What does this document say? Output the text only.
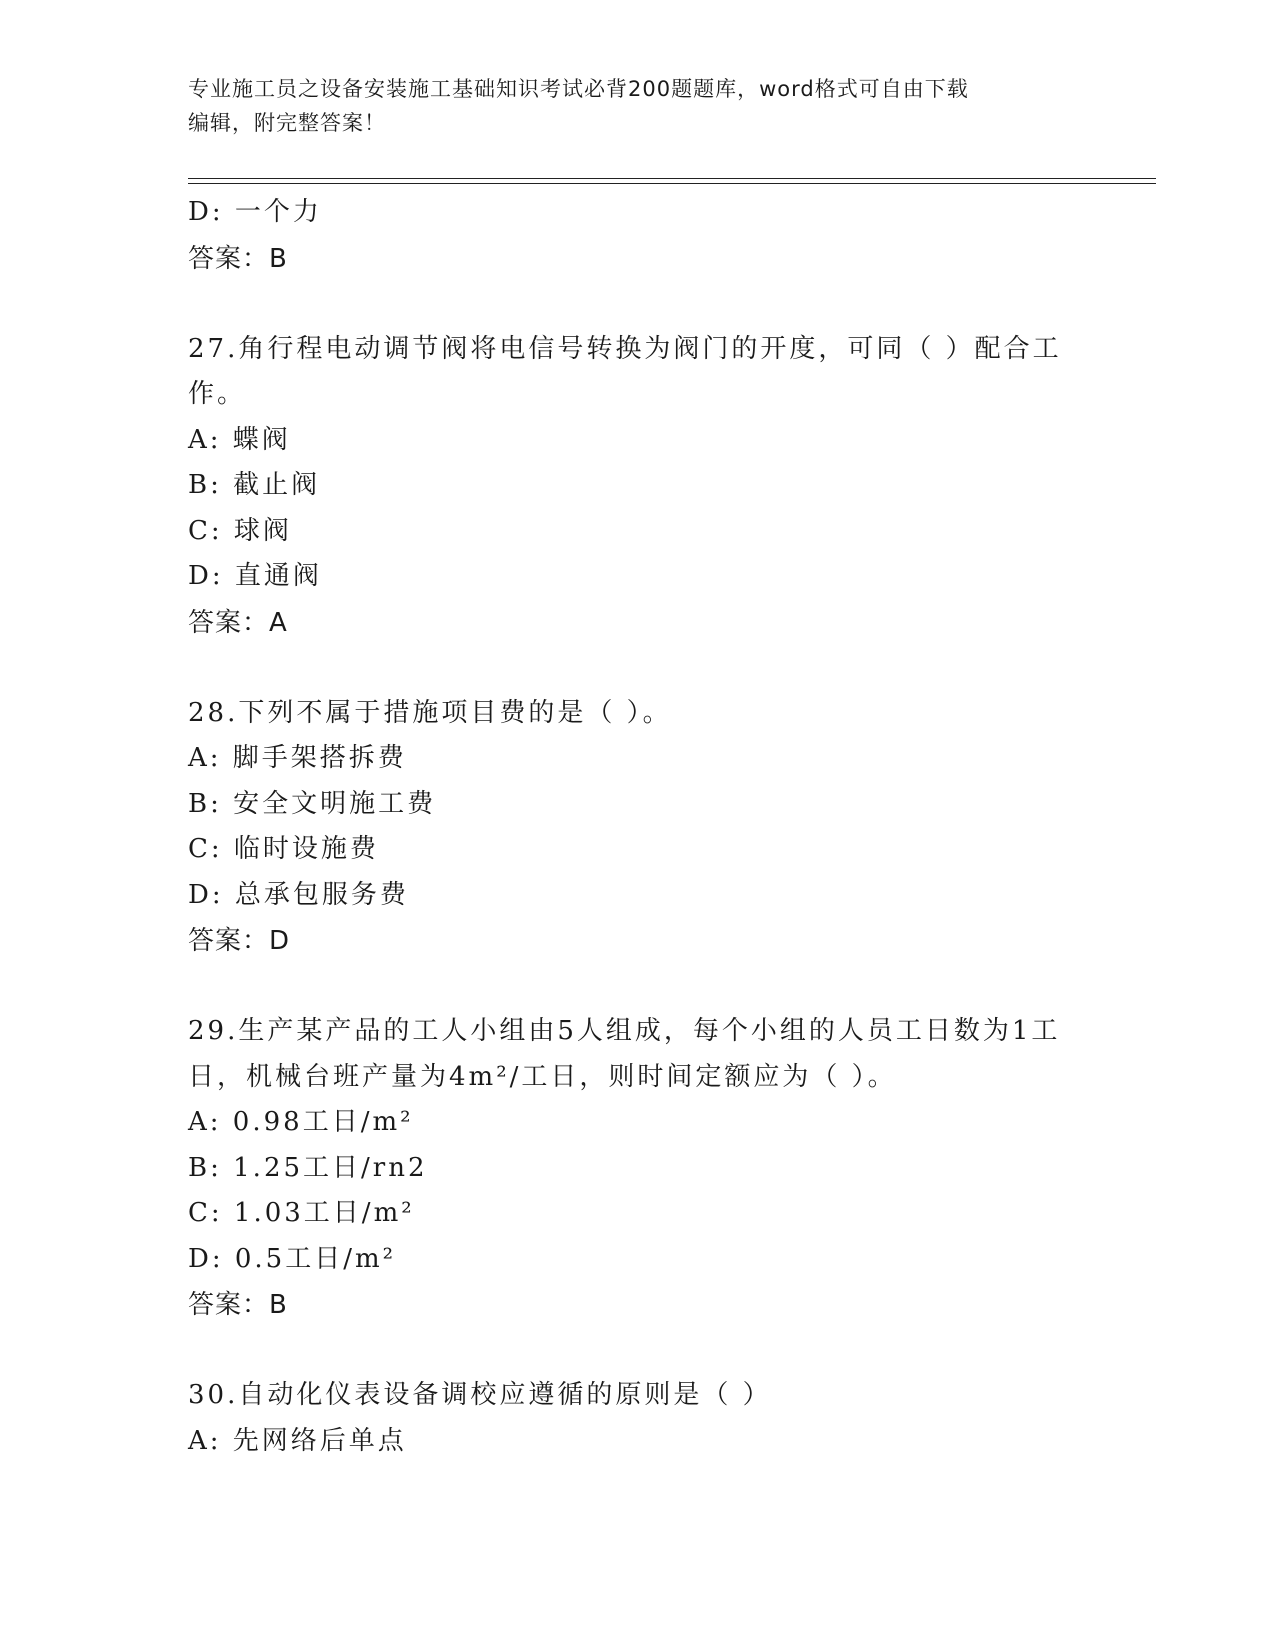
专业施工员之设备安装施工基础知识考试必背200题题库，word格式可自由下载
编辑，附完整答案！
D: 一个力
答案：B
27.角行程电动调节阀将电信号转换为阀门的开度，可同（ ）配合工
作。
A: 蝶阀
B: 截止阀
C: 球阀
D: 直通阀
答案：A
28.下列不属于措施项目费的是（ ）。
A: 脚手架搭拆费
B: 安全文明施工费
C: 临时设施费
D: 总承包服务费
答案：D
29.生产某产品的工人小组由5人组成，每个小组的人员工日数为1工
日，机械台班产量为4m²/工日，则时间定额应为（ ）。
A: 0.98工日/m²
B: 1.25工日/rn2
C: 1.03工日/m²
D: 0.5工日/m²
答案：B
30.自动化仪表设备调校应遵循的原则是（ ）
A: 先网络后单点
